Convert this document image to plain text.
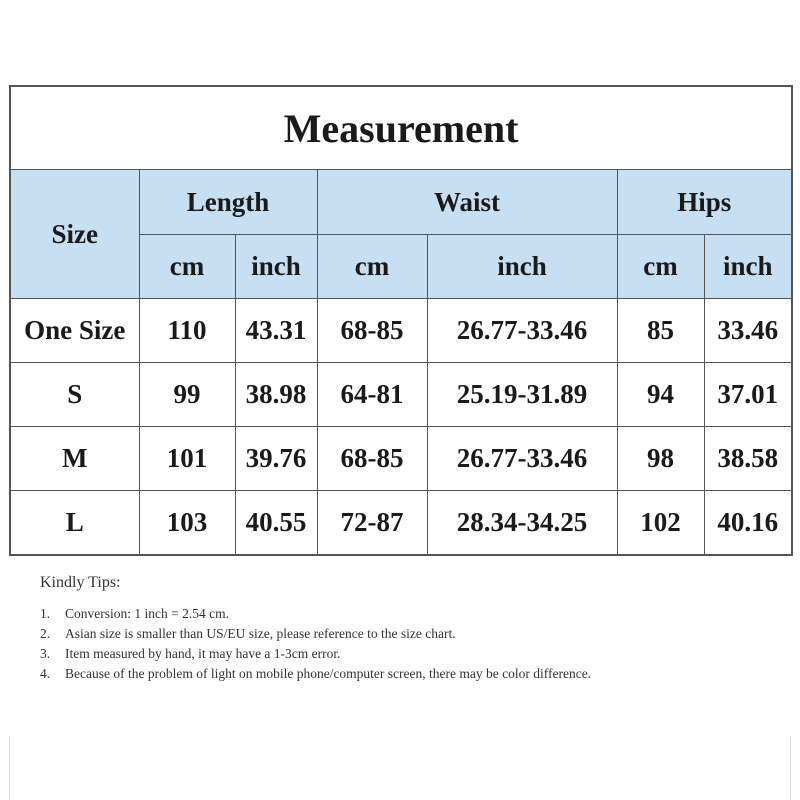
Measurement						
Size	Length		Waist		Hips	
	cm	inch	cm	inch	cm	inch
One Size	110	43.31	68-85	26.77-33.46	85	33.46
S	99	38.98	64-81	25.19-31.89	94	37.01
M	101	39.76	68-85	26.77-33.46	98	38.58
L	103	40.55	72-87	28.34-34.25	102	40.16
Kindly Tips:
1. Conversion: 1 inch = 2.54 cm.
2. Asian size is smaller than US/EU size, please reference to the size chart.
3. Item measured by hand, it may have a 1-3cm error.
4. Because of the problem of light on mobile phone/computer screen, there may be color difference.
